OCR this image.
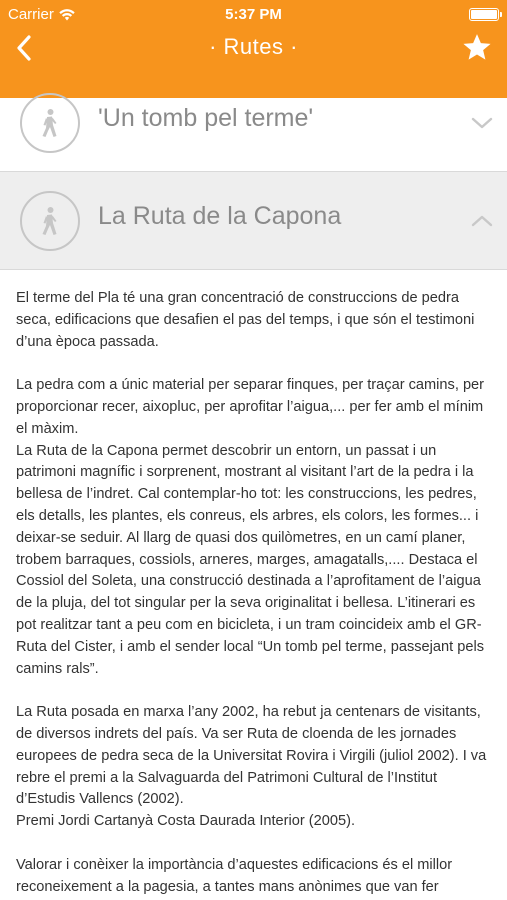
Carrier	5:37 PM
· Rutes ·
'Un tomb pel terme'
La Ruta de la Capona

El terme del Pla té una gran concentració de construccions de pedra seca, edificacions que desafien el pas del temps, i que són el testimoni d’una època passada.

La pedra com a únic material per separar finques, per traçar camins, per proporcionar recer, aixopluc, per aprofitar l’aigua,... per fer amb el mínim el màxim.

La Ruta de la Capona permet descobrir un entorn, un passat i un patrimoni magnífic i sorprenent, mostrant al visitant l’art de la pedra i la bellesa de l’indret. Cal contemplar-ho tot: les construccions, les pedres, els detalls, les plantes, els conreus, els arbres, els colors, les formes... i deixar-se seduir. Al llarg de quasi dos quilòmetres, en un camí planer, trobem barraques, cossiols, arneres, marges, amagatalls,.... Destaca el Cossiol del Soleta, una construcció destinada a l’aprofitament de l’aigua de la pluja, del tot singular per la seva originalitat i bellesa. L’itinerari es pot realitzar tant a peu com en bicicleta, i un tram coincideix amb el GR-Ruta del Cister, i amb el sender local “Un tomb pel terme, passejant pels camins rals”.

La Ruta posada en marxa l’any 2002, ha rebut ja centenars de visitants, de diversos indrets del país. Va ser Ruta de cloenda de les jornades europees de pedra seca de la Universitat Rovira i Virgili (juliol 2002). I va rebre el premi a la Salvaguarda del Patrimoni Cultural de l’Institut d’Estudis Vallencs (2002).

Premi Jordi Cartanyà Costa Daurada Interior (2005).

Valorar i conèixer la importància d’aquestes edificacions és el millor reconeixement a la pagesia, a tantes mans anònimes que van fer
